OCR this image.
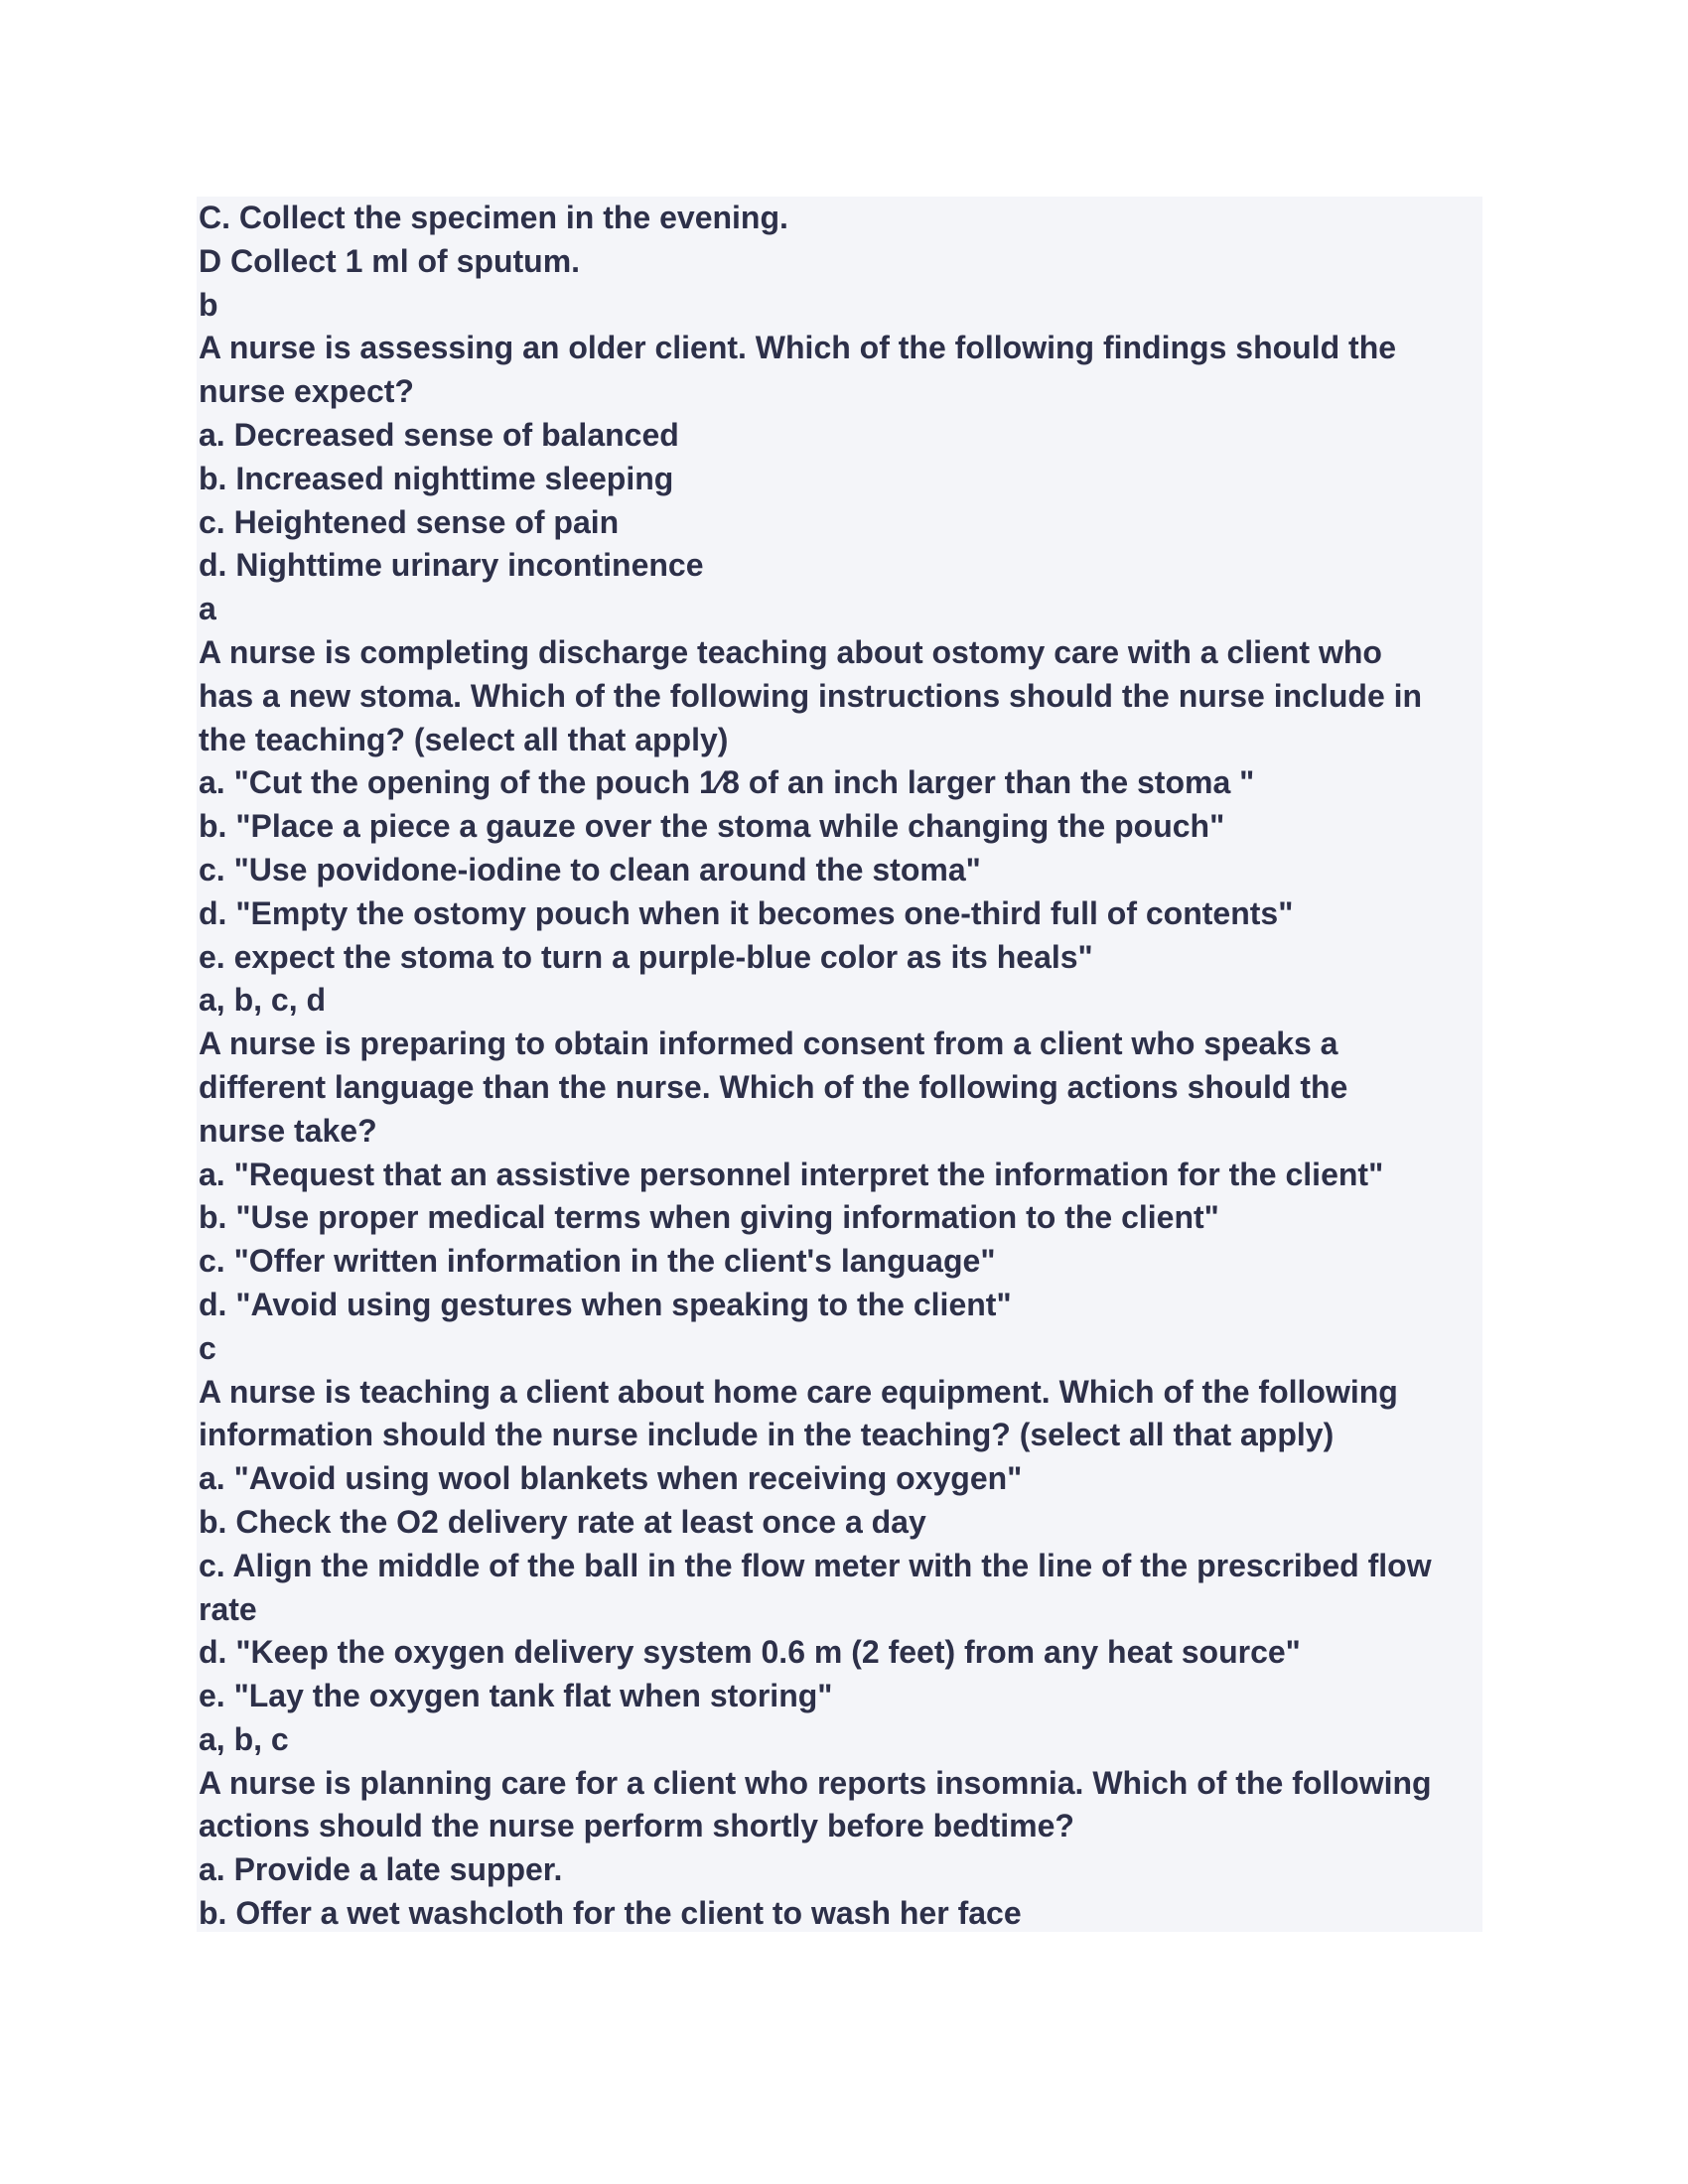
C. Collect the specimen in the evening.
D Collect 1 ml of sputum.
b
A nurse is assessing an older client. Which of the following findings should the
nurse expect?
a. Decreased sense of balanced
b. Increased nighttime sleeping
c. Heightened sense of pain
d. Nighttime urinary incontinence
a
A nurse is completing discharge teaching about ostomy care with a client who
has a new stoma. Which of the following instructions should the nurse include in
the teaching? (select all that apply)
a. "Cut the opening of the pouch 1⁄8 of an inch larger than the stoma "
b. "Place a piece a gauze over the stoma while changing the pouch"
c. "Use povidone-iodine to clean around the stoma"
d. "Empty the ostomy pouch when it becomes one-third full of contents"
e. expect the stoma to turn a purple-blue color as its heals"
a, b, c, d
A nurse is preparing to obtain informed consent from a client who speaks a
different language than the nurse. Which of the following actions should the
nurse take?
a. "Request that an assistive personnel interpret the information for the client"
b. "Use proper medical terms when giving information to the client"
c. "Offer written information in the client's language"
d. "Avoid using gestures when speaking to the client"
c
A nurse is teaching a client about home care equipment. Which of the following
information should the nurse include in the teaching? (select all that apply)
a. "Avoid using wool blankets when receiving oxygen"
b. Check the O2 delivery rate at least once a day
c. Align the middle of the ball in the flow meter with the line of the prescribed flow
rate
d. "Keep the oxygen delivery system 0.6 m (2 feet) from any heat source"
e. "Lay the oxygen tank flat when storing"
a, b, c
A nurse is planning care for a client who reports insomnia. Which of the following
actions should the nurse perform shortly before bedtime?
a. Provide a late supper.
b. Offer a wet washcloth for the client to wash her face
